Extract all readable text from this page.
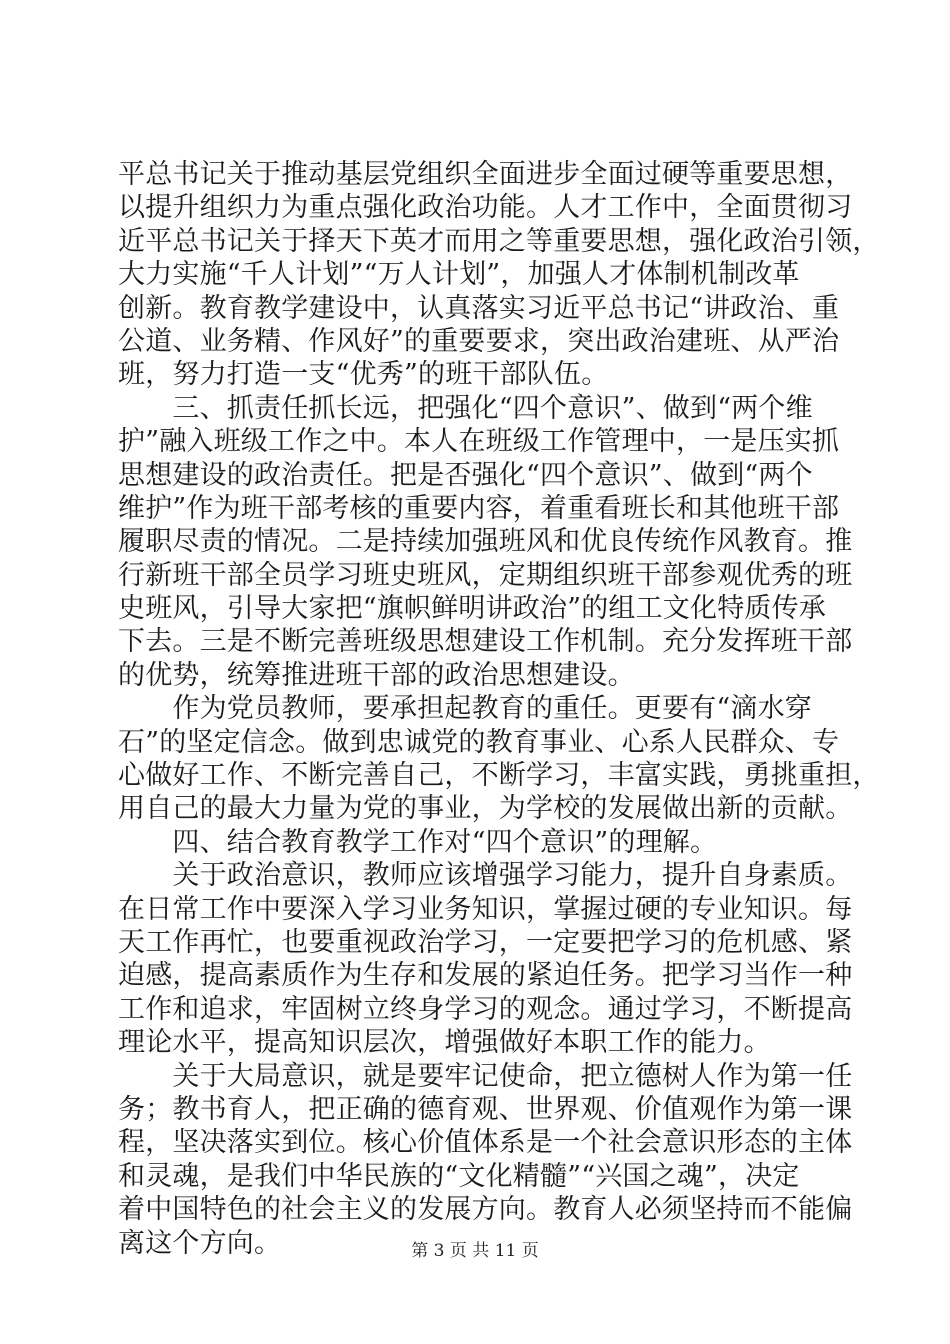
平总书记关于推动基层党组织全面进步全面过硬等重要思想，
以提升组织力为重点强化政治功能。人才工作中，全面贯彻习
近平总书记关于择天下英才而用之等重要思想，强化政治引领，
大力实施“千人计划”“万人计划”，加强人才体制机制改革
创新。教育教学建设中，认真落实习近平总书记“讲政治、重
公道、业务精、作风好”的重要要求，突出政治建班、从严治
班，努力打造一支“优秀”的班干部队伍。
　　三、抓责任抓长远，把强化“四个意识”、做到“两个维
护”融入班级工作之中。本人在班级工作管理中，一是压实抓
思想建设的政治责任。把是否强化“四个意识”、做到“两个
维护”作为班干部考核的重要内容，着重看班长和其他班干部
履职尽责的情况。二是持续加强班风和优良传统作风教育。推
行新班干部全员学习班史班风，定期组织班干部参观优秀的班
史班风，引导大家把“旗帜鲜明讲政治”的组工文化特质传承
下去。三是不断完善班级思想建设工作机制。充分发挥班干部
的优势，统筹推进班干部的政治思想建设。
　　作为党员教师，要承担起教育的重任。更要有“滴水穿
石”的坚定信念。做到忠诚党的教育事业、心系人民群众、专
心做好工作、不断完善自己，不断学习，丰富实践，勇挑重担，
用自己的最大力量为党的事业，为学校的发展做出新的贡献。
　　四、结合教育教学工作对“四个意识”的理解。
　　关于政治意识，教师应该增强学习能力，提升自身素质。
在日常工作中要深入学习业务知识，掌握过硬的专业知识。每
天工作再忙，也要重视政治学习，一定要把学习的危机感、紧
迫感，提高素质作为生存和发展的紧迫任务。把学习当作一种
工作和追求，牢固树立终身学习的观念。通过学习，不断提高
理论水平，提高知识层次，增强做好本职工作的能力。
　　关于大局意识，就是要牢记使命，把立德树人作为第一任
务；教书育人，把正确的德育观、世界观、价值观作为第一课
程，坚决落实到位。核心价值体系是一个社会意识形态的主体
和灵魂，是我们中华民族的“文化精髓”“兴国之魂”，决定
着中国特色的社会主义的发展方向。教育人必须坚持而不能偏
离这个方向。	第 3 页 共 11 页
